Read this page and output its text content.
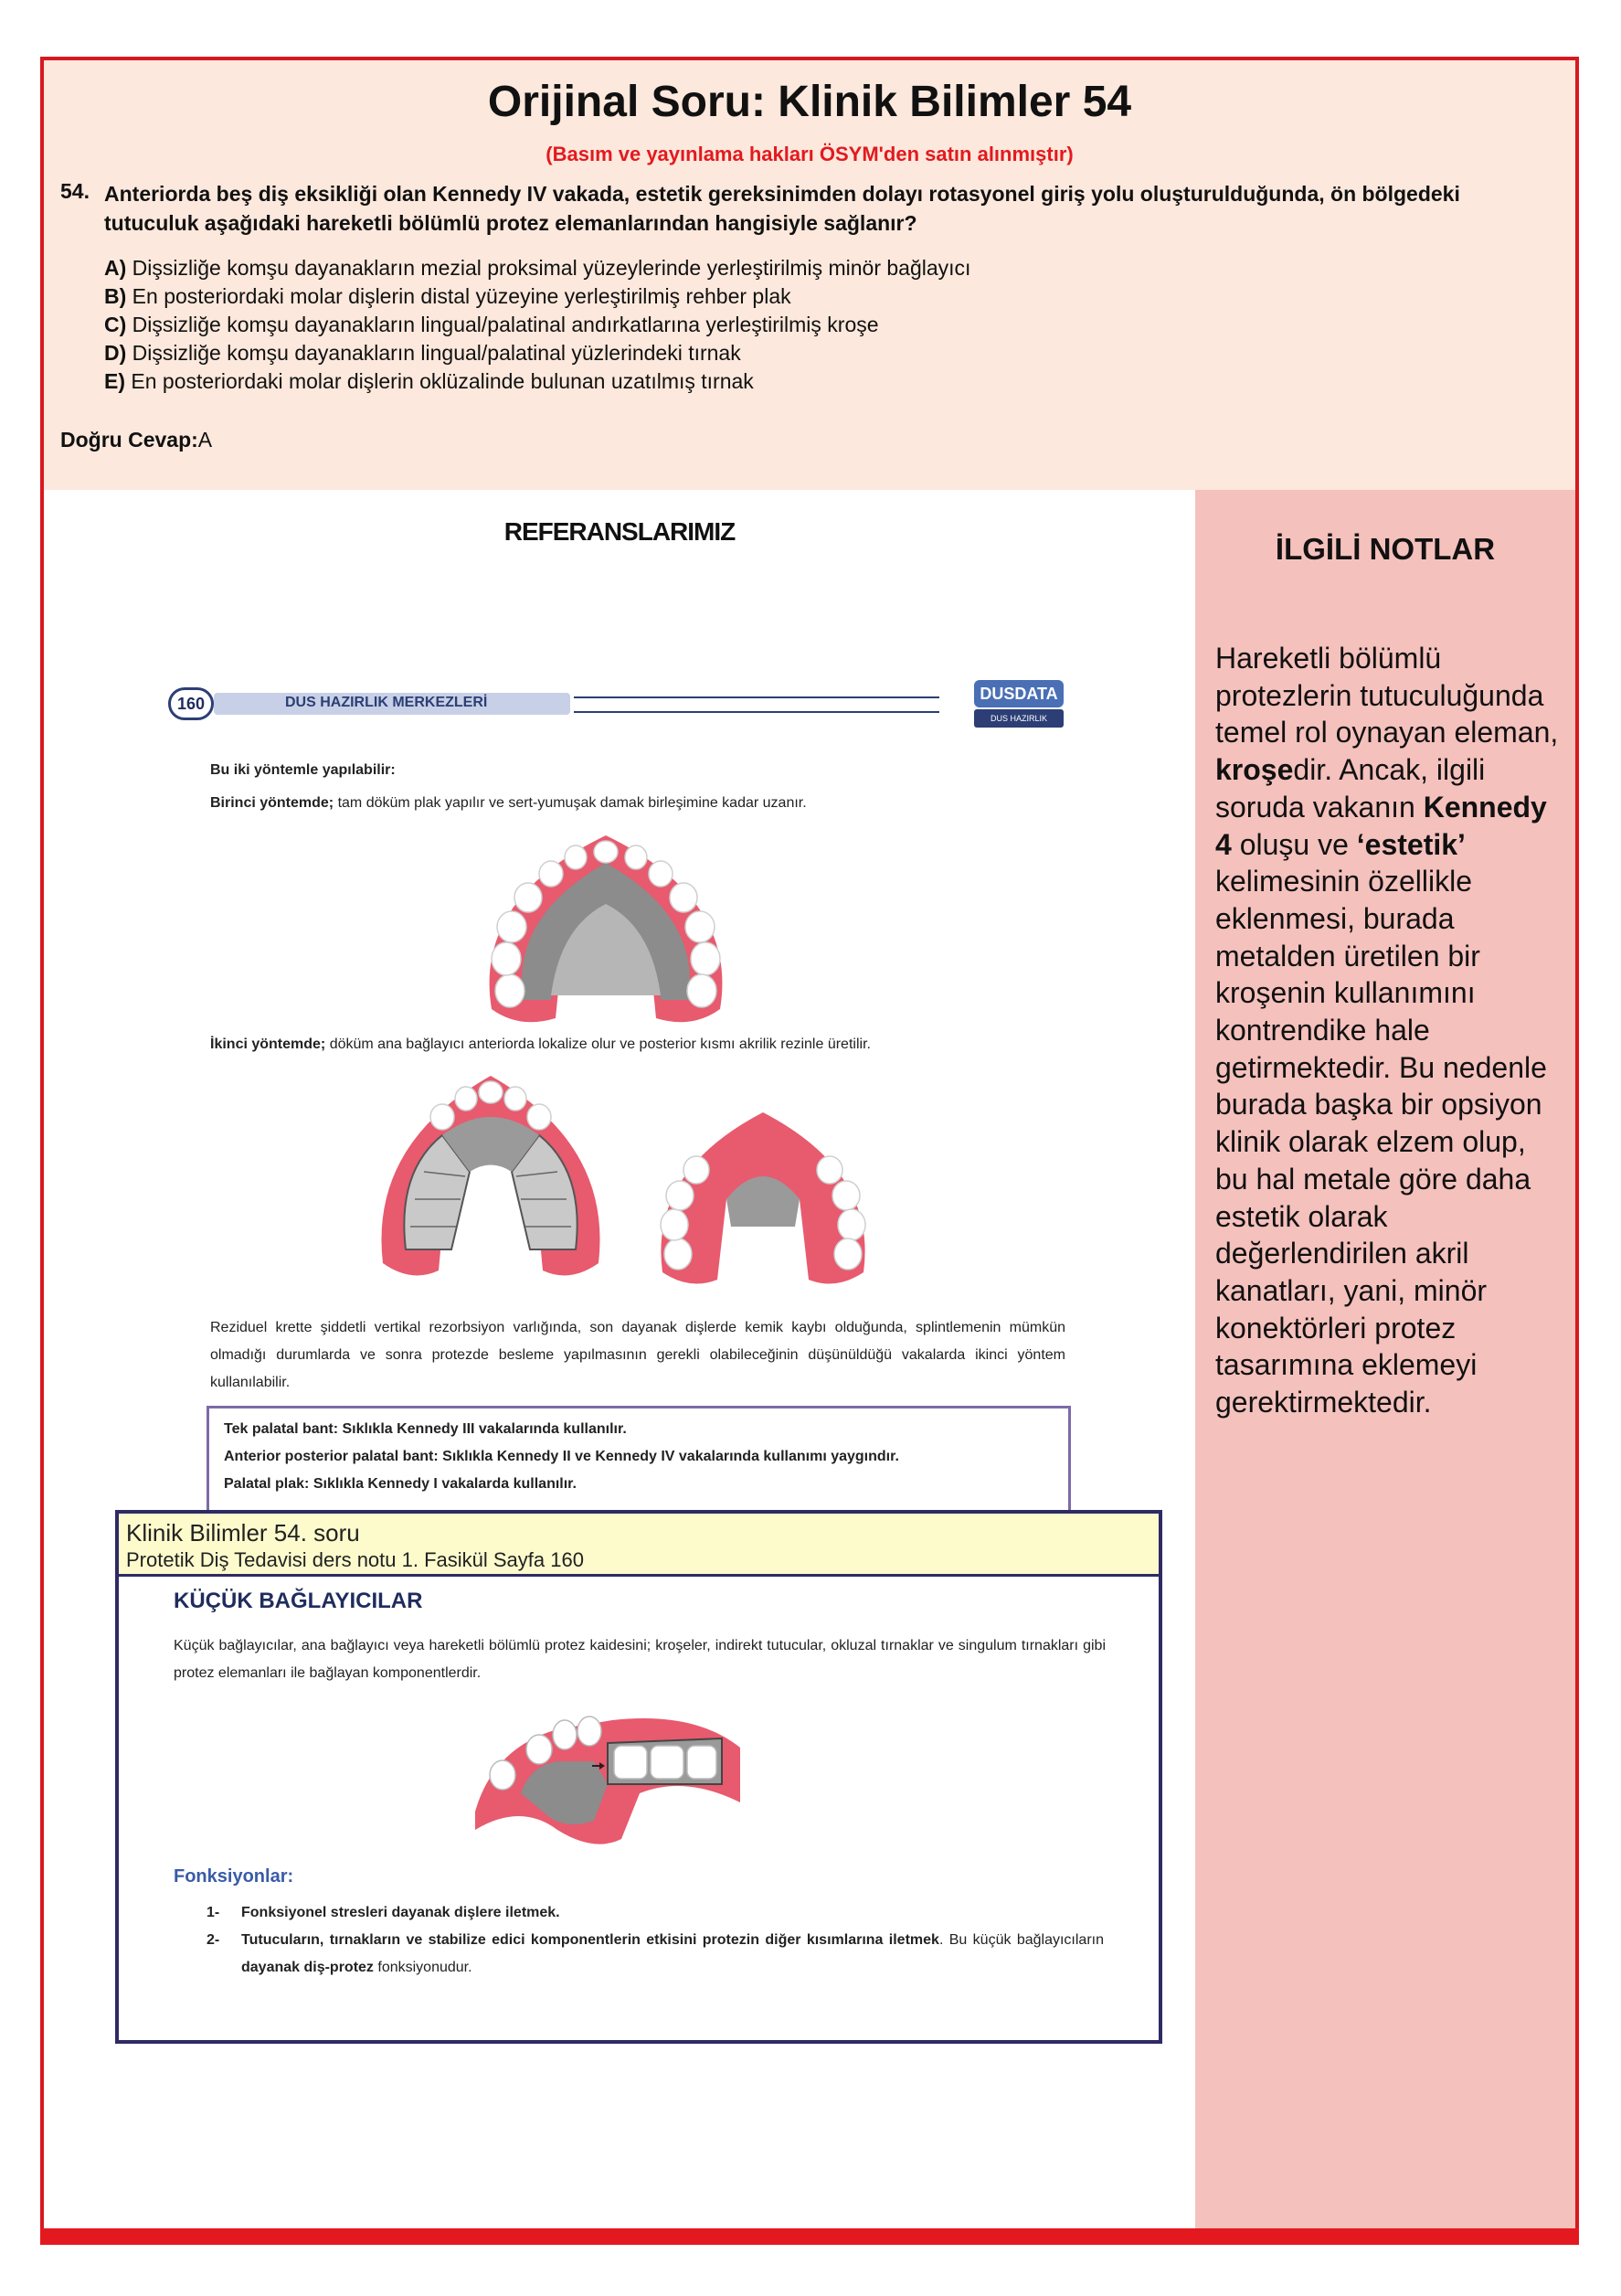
Orijinal Soru: Klinik Bilimler 54
(Basım ve yayınlama hakları ÖSYM'den satın alınmıştır)
54. Anteriorda beş diş eksikliği olan Kennedy IV vakada, estetik gereksinimden dolayı rotasyonel giriş yolu oluşturulduğunda, ön bölgedeki tutuculuk aşağıdaki hareketli bölümlü protez elemanlarından hangisiyle sağlanır?
A) Dişsizliğe komşu dayanakların mezial proksimal yüzeylerinde yerleştirilmiş minör bağlayıcı
B) En posteriordaki molar dişlerin distal yüzeyine yerleştirilmiş rehber plak
C) Dişsizliğe komşu dayanakların lingual/palatinal andırkatlarına yerleştirilmiş kroşe
D) Dişsizliğe komşu dayanakların lingual/palatinal yüzlerindeki tırnak
E) En posteriordaki molar dişlerin oklüzalinde bulunan uzatılmış tırnak
Doğru Cevap:A
REFERANSLARIMIZ
160	DUS HAZIRLIK MERKEZLERİ	DUSDATA
DUS HAZIRLIK MERKEZLERİ
Bu iki yöntemle yapılabilir:
Birinci yöntemde; tam döküm plak yapılır ve sert-yumuşak damak birleşimine kadar uzanır.
İkinci yöntemde; döküm ana bağlayıcı anteriorda lokalize olur ve posterior kısmı akrilik rezinle üretilir.
Reziduel krette şiddetli vertikal rezorbsiyon varlığında, son dayanak dişlerde kemik kaybı olduğunda, splintlemenin mümkün olmadığı durumlarda ve sonra protezde besleme yapılmasının gerekli olabileceğinin düşünüldüğü vakalarda ikinci yöntem kullanılabilir.
Tek palatal bant: Sıklıkla Kennedy III vakalarında kullanılır.
Anterior posterior palatal bant: Sıklıkla Kennedy II ve Kennedy IV vakalarında kullanımı yaygındır.
Palatal plak: Sıklıkla Kennedy I vakalarda kullanılır.
Klinik Bilimler 54. soru
Protetik Diş Tedavisi ders notu 1. Fasikül Sayfa 160
KÜÇÜK BAĞLAYICILAR
Küçük bağlayıcılar, ana bağlayıcı veya hareketli bölümlü protez kaidesini; kroşeler, indirekt tutucular, okluzal tırnaklar ve singulum tırnakları gibi protez elemanları ile bağlayan komponentlerdir.
Fonksiyonlar:
1- Fonksiyonel stresleri dayanak dişlere iletmek.
2- Tutucuların, tırnakların ve stabilize edici komponentlerin etkisini protezin diğer kısımlarına iletmek. Bu küçük bağlayıcıların dayanak diş-protez fonksiyonudur.
İLGİLİ NOTLAR
Hareketli bölümlü protezlerin tutuculuğunda temel rol oynayan eleman, kroşedir. Ancak, ilgili soruda vakanın Kennedy 4 oluşu ve ‘estetik’ kelimesinin özellikle eklenmesi, burada metalden üretilen bir kroşenin kullanımını kontrendike hale getirmektedir. Bu nedenle burada başka bir opsiyon klinik olarak elzem olup, bu hal metale göre daha estetik olarak değerlendirilen akril kanatları, yani, minör konektörleri protez tasarımına eklemeyi gerektirmektedir.
